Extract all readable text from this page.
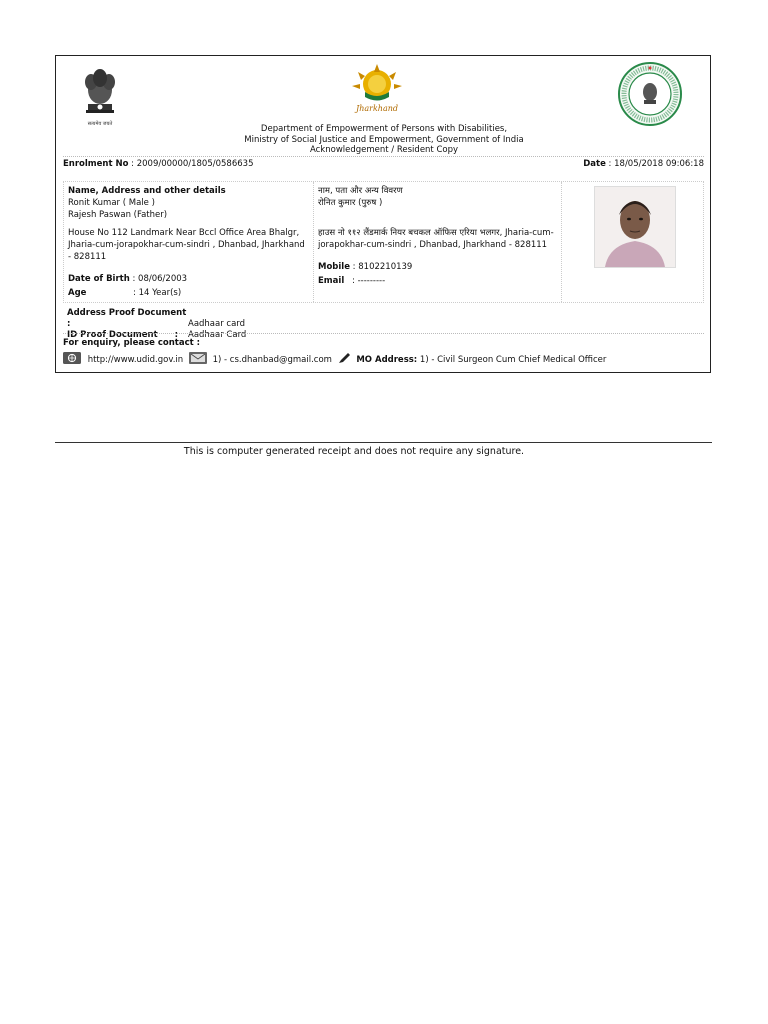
सत्यमेव जयते
Jharkhand
Department of Empowerment of Persons with Disabilities,
Ministry of Social Justice and Empowerment, Government of India
Acknowledgement / Resident Copy
Enrolment No : 2009/00000/1805/0586635	Date : 18/05/2018 09:06:18
Name, Address and other details
Ronit Kumar ( Male )
Rajesh Paswan (Father)
House No 112 Landmark Near Bccl Office Area Bhalgr, Jharia-cum-jorapokhar-cum-sindri , Dhanbad, Jharkhand - 828111
Date of Birth : 08/06/2003
Age	: 14 Year(s)
नाम, पता और अन्य विवरण
रोनित कुमार (पुरुष )
हाउस नो ११२ लैंडमार्क नियर बचकल ऑफिस एरिया भलगर, Jharia-cum-jorapokhar-cum-sindri , Dhanbad, Jharkhand - 828111
Mobile : 8102210139
Email : ---------
Address Proof Document :	Aadhaar card
ID Proof Document : Aadhaar Card
For enquiry, please contact :
http://www.udid.gov.in	1) - cs.dhanbad@gmail.com	MO Address: 1) - Civil Surgeon Cum Chief Medical Officer
This is computer generated receipt and does not require any signature.
